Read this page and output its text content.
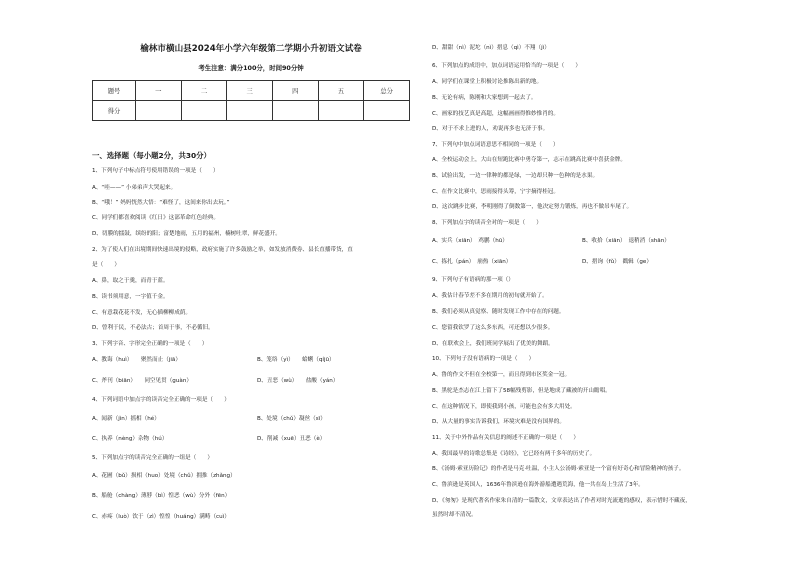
榆林市横山县2024年小学六年级第二学期小升初语文试卷
考生注意：满分100分，时间90分钟
题号	一	二	三	四	五	总分
得分						
一、选择题（每小题2分，共30分）
1、下列句子中标点符号使用错误的一项是（　　）
A、“哇——” 小弟弟声大哭起来。
B、“哦！” 妈妈恍然大悟：“难怪了，这间来你出去玩。”
C、同学们都喜欢阅读《红日》这部革命红色经典。
D、切膜的擂鼓，缤纷的阳；富楚地雨，五月的福州，楠树吐翠，鲜花盛开。
2、为了使人们在出境期间快速出境的侵略，政府实施了许多鼓励之举，如发放消费券、县长直播带货，直
是（　　）
A、鼻，取之于羹，而青于蓝。
B、读书须用意，一字值千金。
C、有意栽花花不发，无心插柳柳成荫。
D、曾利于民，不必法古；首周于事，不必循旧。
3、下列字音、字形完全正确的一项是（　　）
A、教诲（huì）　　聚然而止（jiā）	B、笼络（yì）　　蛤蜊（qíjū）
C、斧刊（biān）　　同空见贯（guàn）	D、丑恶（wù）　　盐酸（yán）
4、下列词语中加点字的读音完全正确的一项是（　　）
A、闻新（jìn）摇相（hé）	B、处境（chǔ）凝丝（sī）
C、执养（nèng）杂物（hú）	D、削减（xuē）丑恶（è）
5、下列加点字的读音完全正确的一组是（　　）
A、花圃（bǔ）损相（huo）处境（chǔ）拥推（zhǎng）
B、船舱（chàng）薄脖（bì）惶恶（wù）分外（fēn）
C、赤疼（luò）饮于（zì）惶惶（huáng）满畴（cuì）
D、甜甜（nì）泥坨（nì）措息（qì）不翔（jì）
6、下列加点的成语中，加点词语运用恰当的一项是（　　）
A、同学们在课堂上积极讨论推陈出新的地。
B、无论有病，陈刚和大家想到一起去了。
C、画家的技艺真是高超，这幅画画得惟妙惟肖的。
D、对于不求上进的人，劝说再多也无济于事。
7、下列句中加点词语意思不相同的一项是（　　）
A、全校运动会上，大山在短跑比赛中勇夺第一，志示在跳高比赛中喜获金牌。
B、试验出发，一边一律种的都是绿，一边却只种一色种的是水果。
C、在作文比赛中，思雨接得头筹，宁宇摘得桂冠。
D、这次跳步比赛，李明刚得了倒数第一，他决定努力锻炼，再也不做吊车尾了。
8、下列加点字的读音全对的一项是（　　）
A、实兵（xiān）　鸡鹏（hū）	B、收拾（xiān）　退稍消（shān）
C、拣扎（pán）　崩热（xiān）	D、措询（fǔ）　戳辑（ge）
9、下列句子有语病的那一项（）
A、我估计春节差不多在期月的初旬就开始了。
B、我们必须从真觉察、随时发现工作中存在的问题。
C、您留我钦罗了这么多东西，可还想以少很多。
D、在联欢会上，我们班同学展出了优美的舞蹈。
10、下列句子没有语病的一项是（　　）
A、鲁的作文不但在全校第一，而且得到市区奖金一冠。
B、黑驼是杰志在江上留下了58幅残剪影，但是地成了藏被的开山瞻唱。
C、在这种情况下，即使我到小孩，可能也会有多大用处。
D、从大量的事实告诉我们，环境灾难是没有国界的。
11、关于中外作品有关信息的阐述不正确的一项是（　　）
A、我国最早的诗歌总集是《诗经》，它已经有两千多年的历史了。
B、《汤姆·索亚历险记》的作者是马克·吐温，小主人公汤姆·索亚是一个富有好奇心和冒险精神的孩子。
C、鲁滨逊是英国人，1636年鲁滨逊在海外游船遭遇荒海，他一共在岛上生活了3年。
D、《匆匆》是现代著名作家朱自清的一篇散文，文章表达出了作者对时光流逝的感叹，表示惜时不藏夜，
虽然时却不清况。
